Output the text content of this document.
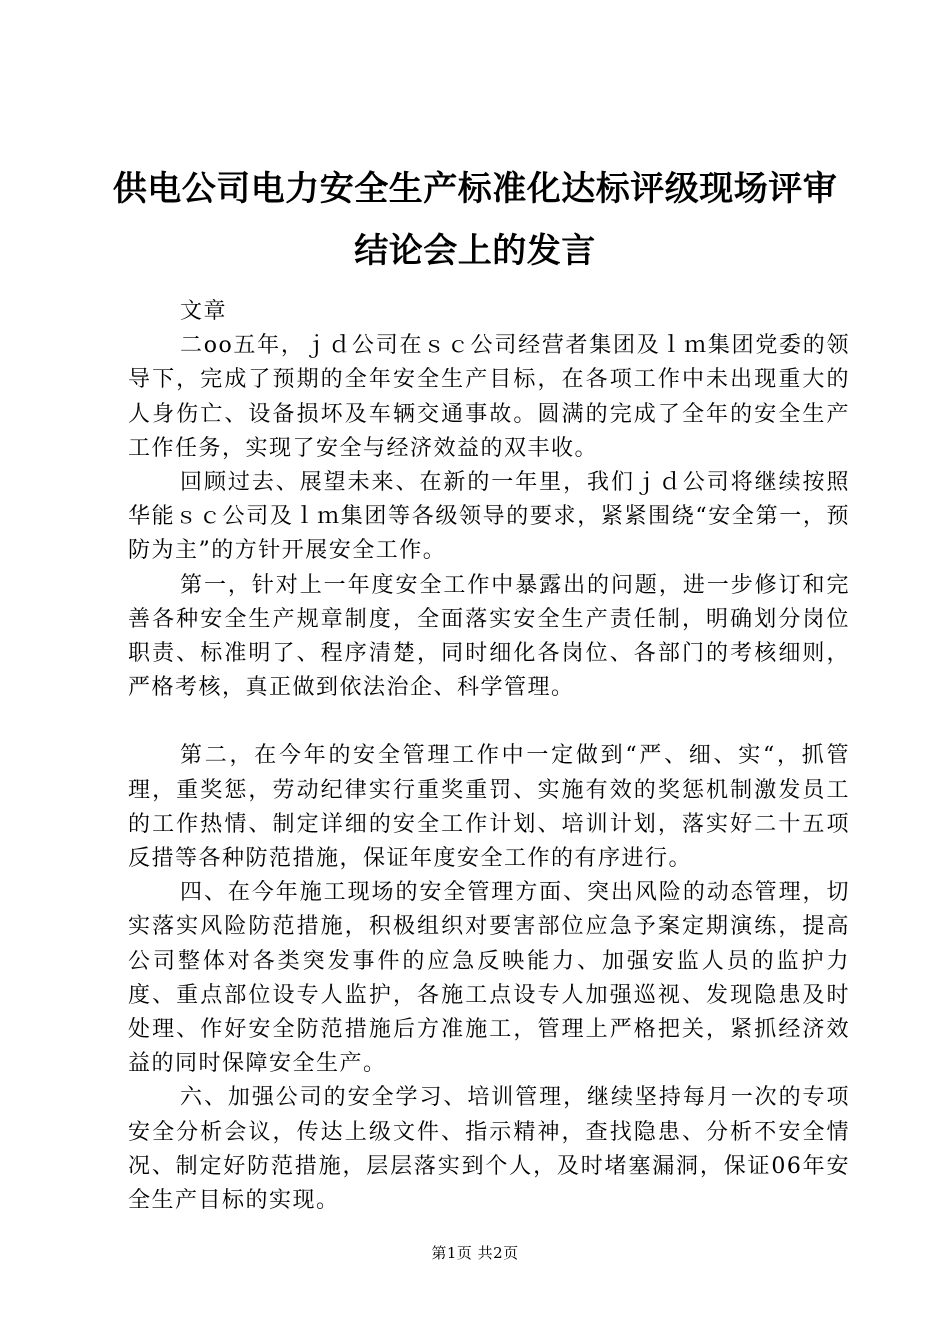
供电公司电力安全生产标准化达标评级现场评审结论会上的发言

文章

二oo五年，ｊｄ公司在ｓｃ公司经营者集团及ｌｍ集团党委的领导下，完成了预期的全年安全生产目标，在各项工作中未出现重大的人身伤亡、设备损坏及车辆交通事故。圆满的完成了全年的安全生产工作任务，实现了安全与经济效益的双丰收。

回顾过去、展望未来、在新的一年里，我们ｊｄ公司将继续按照华能ｓｃ公司及ｌｍ集团等各级领导的要求，紧紧围绕“安全第一，预防为主”的方针开展安全工作。

第一，针对上一年度安全工作中暴露出的问题，进一步修订和完善各种安全生产规章制度，全面落实安全生产责任制，明确划分岗位职责、标准明了、程序清楚，同时细化各岗位、各部门的考核细则，严格考核，真正做到依法治企、科学管理。

第二，在今年的安全管理工作中一定做到“严、细、实“，抓管理，重奖惩，劳动纪律实行重奖重罚、实施有效的奖惩机制激发员工的工作热情、制定详细的安全工作计划、培训计划，落实好二十五项反措等各种防范措施，保证年度安全工作的有序进行。

四、在今年施工现场的安全管理方面、突出风险的动态管理，切实落实风险防范措施，积极组织对要害部位应急予案定期演练，提高公司整体对各类突发事件的应急反映能力、加强安监人员的监护力度、重点部位设专人监护，各施工点设专人加强巡视、发现隐患及时处理、作好安全防范措施后方准施工，管理上严格把关，紧抓经济效益的同时保障安全生产。

六、加强公司的安全学习、培训管理，继续坚持每月一次的专项安全分析会议，传达上级文件、指示精神，查找隐患、分析不安全情况、制定好防范措施，层层落实到个人，及时堵塞漏洞，保证06年安全生产目标的实现。

第1页 共2页
